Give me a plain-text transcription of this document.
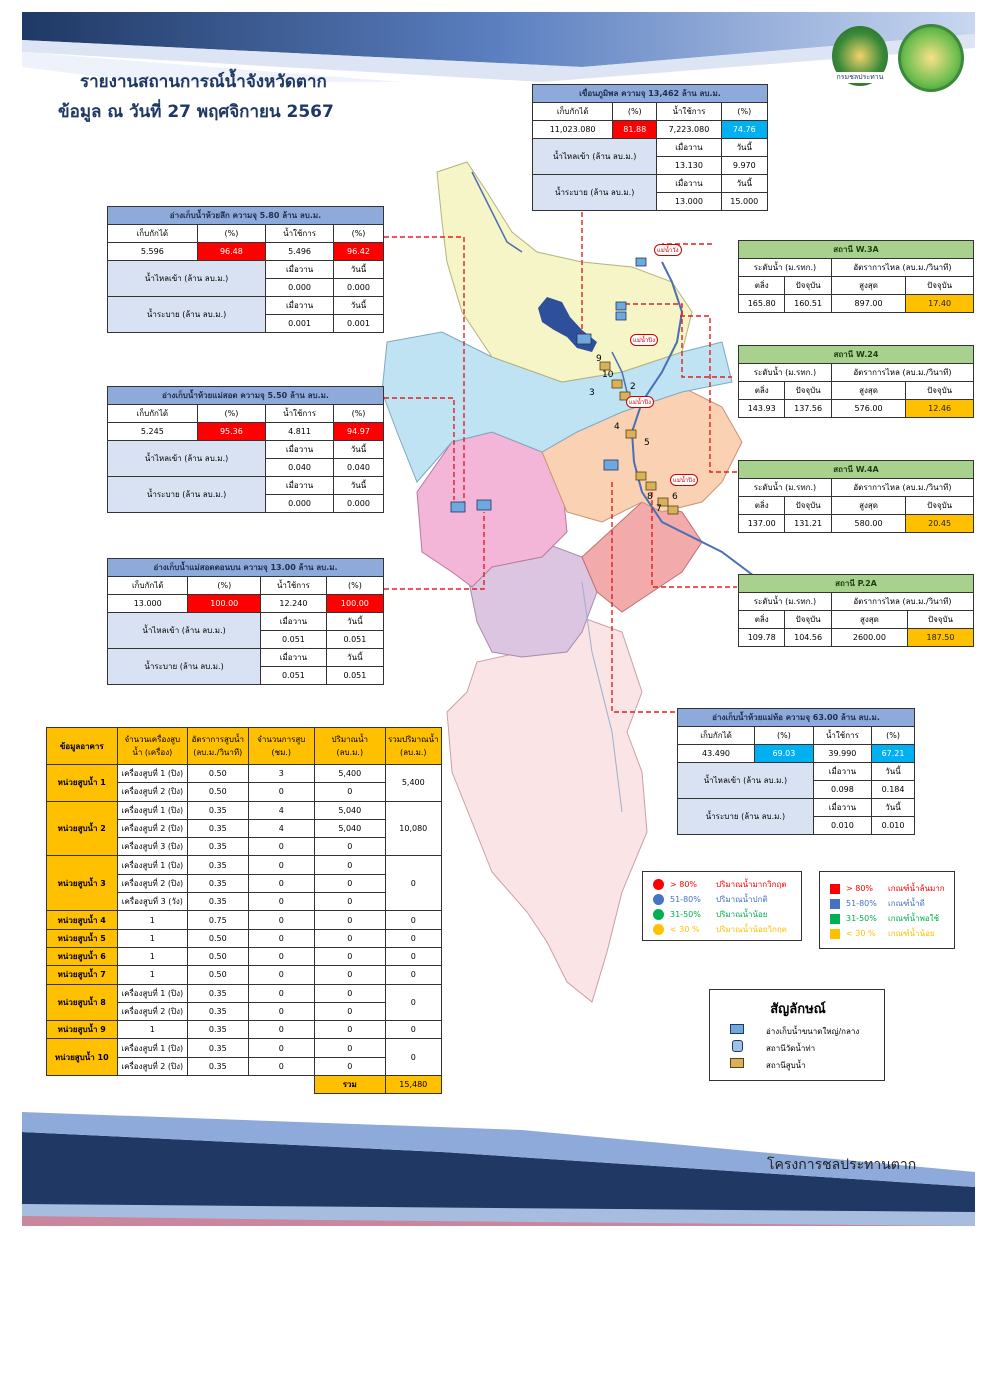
กรมชลประทาน
รายงานสถานการณ์น้ำจังหวัดตาก
ข้อมูล ณ วันที่ 27 พฤศจิกายน 2567
แม่น้ำวัง
แม่น้ำปิง
แม่น้ำปิง
แม่น้ำปิง
9
10
2
3
4
5
8 6
7
เขื่อนภูมิพล ความจุ 13,462 ล้าน ลบ.ม.			
เก็บกักได้	(%)	น้ำใช้การ	(%)
11,023.080	81.88	7,223.080	74.76
น้ำไหลเข้า (ล้าน ลบ.ม.)		เมื่อวาน	วันนี้
		13.130	9.970
น้ำระบาย (ล้าน ลบ.ม.)		เมื่อวาน	วันนี้
		13.000	15.000
อ่างเก็บน้ำห้วยลึก ความจุ 5.80 ล้าน ลบ.ม.			
เก็บกักได้	(%)	น้ำใช้การ	(%)
5.596	96.48	5.496	96.42
น้ำไหลเข้า (ล้าน ลบ.ม.)		เมื่อวาน	วันนี้
		0.000	0.000
น้ำระบาย (ล้าน ลบ.ม.)		เมื่อวาน	วันนี้
		0.001	0.001
อ่างเก็บน้ำห้วยแม่สอด ความจุ 5.50 ล้าน ลบ.ม.			
เก็บกักได้	(%)	น้ำใช้การ	(%)
5.245	95.36	4.811	94.97
น้ำไหลเข้า (ล้าน ลบ.ม.)		เมื่อวาน	วันนี้
		0.040	0.040
น้ำระบาย (ล้าน ลบ.ม.)		เมื่อวาน	วันนี้
		0.000	0.000
อ่างเก็บน้ำแม่สอดตอนบน ความจุ 13.00 ล้าน ลบ.ม.			
เก็บกักได้	(%)	น้ำใช้การ	(%)
13.000	100.00	12.240	100.00
น้ำไหลเข้า (ล้าน ลบ.ม.)		เมื่อวาน	วันนี้
		0.051	0.051
น้ำระบาย (ล้าน ลบ.ม.)		เมื่อวาน	วันนี้
		0.051	0.051
สถานี W.3A			
ระดับน้ำ (ม.รทก.)		อัตราการไหล (ลบ.ม./วินาที)	
ตลิ่ง	ปัจจุบัน	สูงสุด	ปัจจุบัน
165.80	160.51	897.00	17.40
สถานี W.24			
ระดับน้ำ (ม.รทก.)		อัตราการไหล (ลบ.ม./วินาที)	
ตลิ่ง	ปัจจุบัน	สูงสุด	ปัจจุบัน
143.93	137.56	576.00	12.46
สถานี W.4A			
ระดับน้ำ (ม.รทก.)		อัตราการไหล (ลบ.ม./วินาที)	
ตลิ่ง	ปัจจุบัน	สูงสุด	ปัจจุบัน
137.00	131.21	580.00	20.45
สถานี P.2A			
ระดับน้ำ (ม.รทก.)		อัตราการไหล (ลบ.ม./วินาที)	
ตลิ่ง	ปัจจุบัน	สูงสุด	ปัจจุบัน
109.78	104.56	2600.00	187.50
อ่างเก็บน้ำห้วยแม่ท้อ ความจุ 63.00 ล้าน ลบ.ม.			
เก็บกักได้	(%)	น้ำใช้การ	(%)
43.490	69.03	39.990	67.21
น้ำไหลเข้า (ล้าน ลบ.ม.)		เมื่อวาน	วันนี้
		0.098	0.184
น้ำระบาย (ล้าน ลบ.ม.)		เมื่อวาน	วันนี้
		0.010	0.010
> 80%	ปริมาณน้ำมากวิกฤต
51-80%	ปริมาณน้ำปกติ
31-50%	ปริมาณน้ำน้อย
< 30 %	ปริมาณน้ำน้อยวิกฤต
> 80%	เกณฑ์น้ำล้นมาก
51-80%	เกณฑ์น้ำดี
31-50%	เกณฑ์น้ำพอใช้
< 30 %	เกณฑ์น้ำน้อย
สัญลักษณ์
อ่างเก็บน้ำขนาดใหญ่/กลาง
สถานีวัดน้ำท่า
สถานีสูบน้ำ
ข้อมูลอาคาร	จำนวนเครื่องสูบน้ำ (เครื่อง)	อัตราการสูบน้ำ (ลบ.ม./วินาที)	จำนวนการสูบ (ชม.)	ปริมาณน้ำ (ลบ.ม.)	รวมปริมาณน้ำ (ลบ.ม.)
หน่วยสูบน้ำ 1	เครื่องสูบที่ 1 (ปิง)	0.50	3	5,400	5,400
	เครื่องสูบที่ 2 (ปิง)	0.50	0	0	
หน่วยสูบน้ำ 2	เครื่องสูบที่ 1 (ปิง)	0.35	4	5,040	10,080
	เครื่องสูบที่ 2 (ปิง)	0.35	4	5,040	
	เครื่องสูบที่ 3 (ปิง)	0.35	0	0	
หน่วยสูบน้ำ 3	เครื่องสูบที่ 1 (ปิง)	0.35	0	0	0
	เครื่องสูบที่ 2 (ปิง)	0.35	0	0	
	เครื่องสูบที่ 3 (วัง)	0.35	0	0	
หน่วยสูบน้ำ 4	1	0.75	0	0	0
หน่วยสูบน้ำ 5	1	0.50	0	0	0
หน่วยสูบน้ำ 6	1	0.50	0	0	0
หน่วยสูบน้ำ 7	1	0.50	0	0	0
หน่วยสูบน้ำ 8	เครื่องสูบที่ 1 (ปิง)	0.35	0	0	0
	เครื่องสูบที่ 2 (ปิง)	0.35	0	0	
หน่วยสูบน้ำ 9	1	0.35	0	0	0
หน่วยสูบน้ำ 10	เครื่องสูบที่ 1 (ปิง)	0.35	0	0	0
	เครื่องสูบที่ 2 (ปิง)	0.35	0	0	
				รวม	15,480
โครงการชลประทานตาก
